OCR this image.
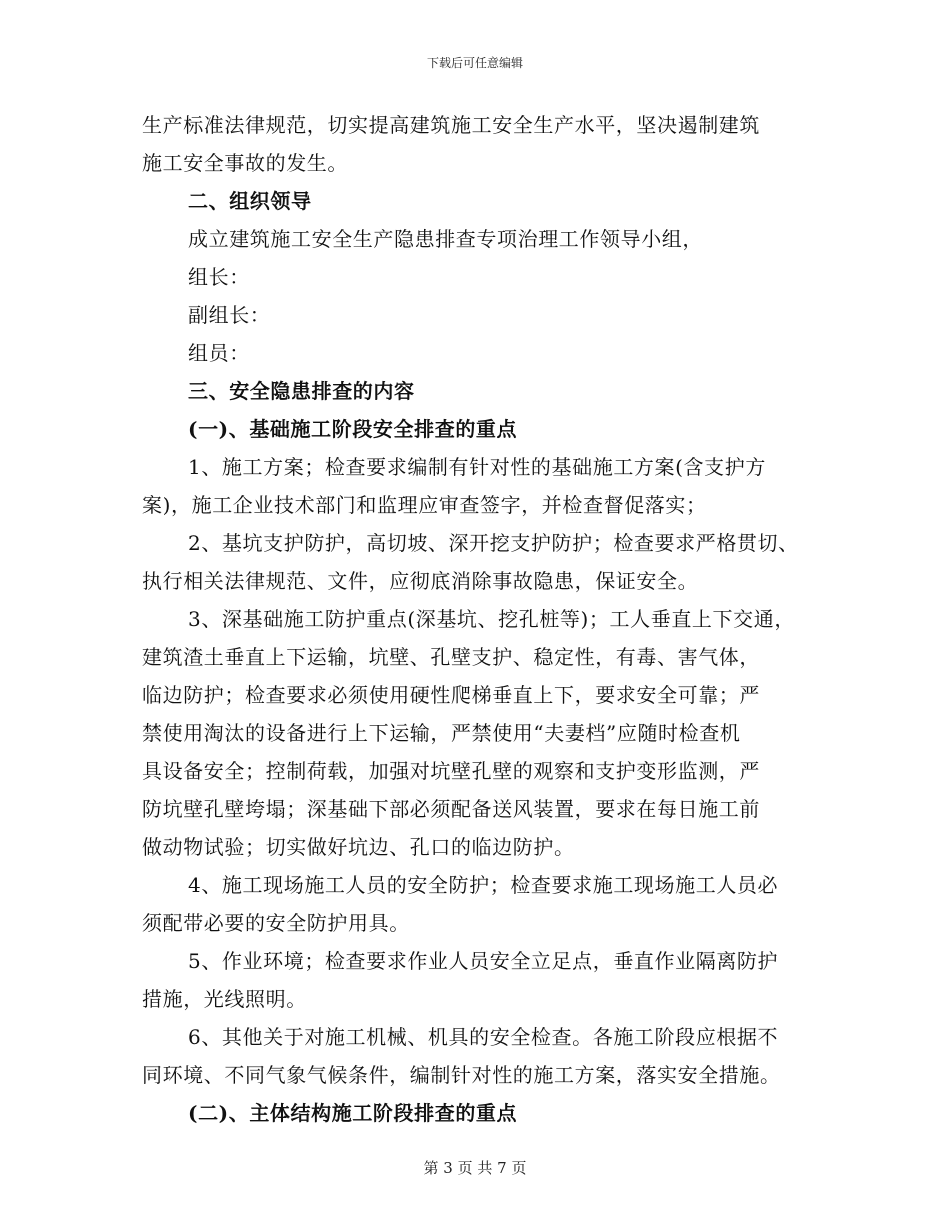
下载后可任意编辑
生产标准法律规范，切实提高建筑施工安全生产水平，坚决遏制建筑
施工安全事故的发生。
二、组织领导
成立建筑施工安全生产隐患排查专项治理工作领导小组，
组长：
副组长：
组员：
三、安全隐患排查的内容
(一)、基础施工阶段安全排查的重点
1、施工方案；检查要求编制有针对性的基础施工方案(含支护方
案)，施工企业技术部门和监理应审查签字，并检查督促落实；
2、基坑支护防护，高切坡、深开挖支护防护；检查要求严格贯切、
执行相关法律规范、文件，应彻底消除事故隐患，保证安全。
3、深基础施工防护重点(深基坑、挖孔桩等)；工人垂直上下交通，
建筑渣土垂直上下运输，坑壁、孔壁支护、稳定性，有毒、害气体，
临边防护；检查要求必须使用硬性爬梯垂直上下，要求安全可靠；严
禁使用淘汰的设备进行上下运输，严禁使用“夫妻档”应随时检查机
具设备安全；控制荷载，加强对坑壁孔壁的观察和支护变形监测，严
防坑壁孔壁垮塌；深基础下部必须配备送风装置，要求在每日施工前
做动物试验；切实做好坑边、孔口的临边防护。
4、施工现场施工人员的安全防护；检查要求施工现场施工人员必
须配带必要的安全防护用具。
5、作业环境；检查要求作业人员安全立足点，垂直作业隔离防护
措施，光线照明。
6、其他关于对施工机械、机具的安全检查。各施工阶段应根据不
同环境、不同气象气候条件，编制针对性的施工方案，落实安全措施。
(二)、主体结构施工阶段排查的重点
第 3 页 共 7 页
